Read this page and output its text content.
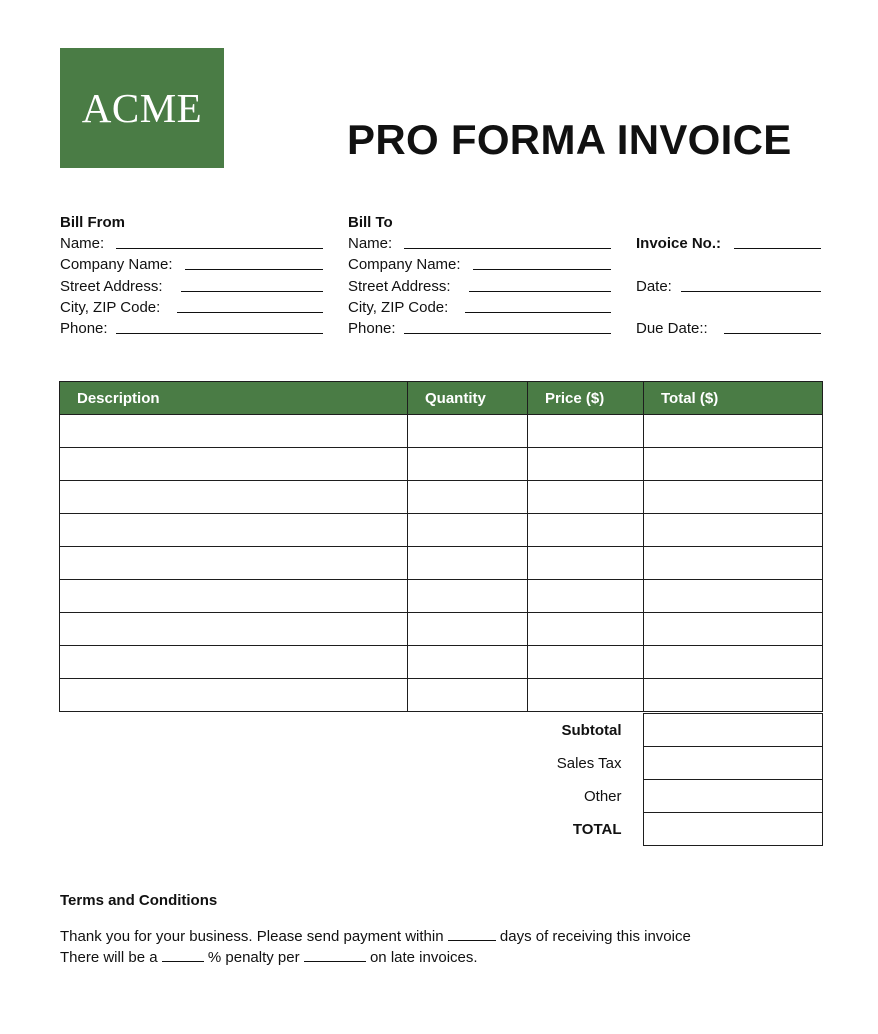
ACME
PRO FORMA INVOICE
Bill From
Name:
Company Name:
Street Address:
City, ZIP Code:
Phone:
Bill To
Name:
Company Name:
Street Address:
City, ZIP Code:
Phone:
Invoice No.:
Date:
Due Date::
Description	Quantity	Price ($)	Total ($)

Subtotal	
Sales Tax	
Other	
TOTAL	
Terms and Conditions
Thank you for your business. Please send payment within	days of receiving this invoice
There will be a	% penalty per	on late invoices.
